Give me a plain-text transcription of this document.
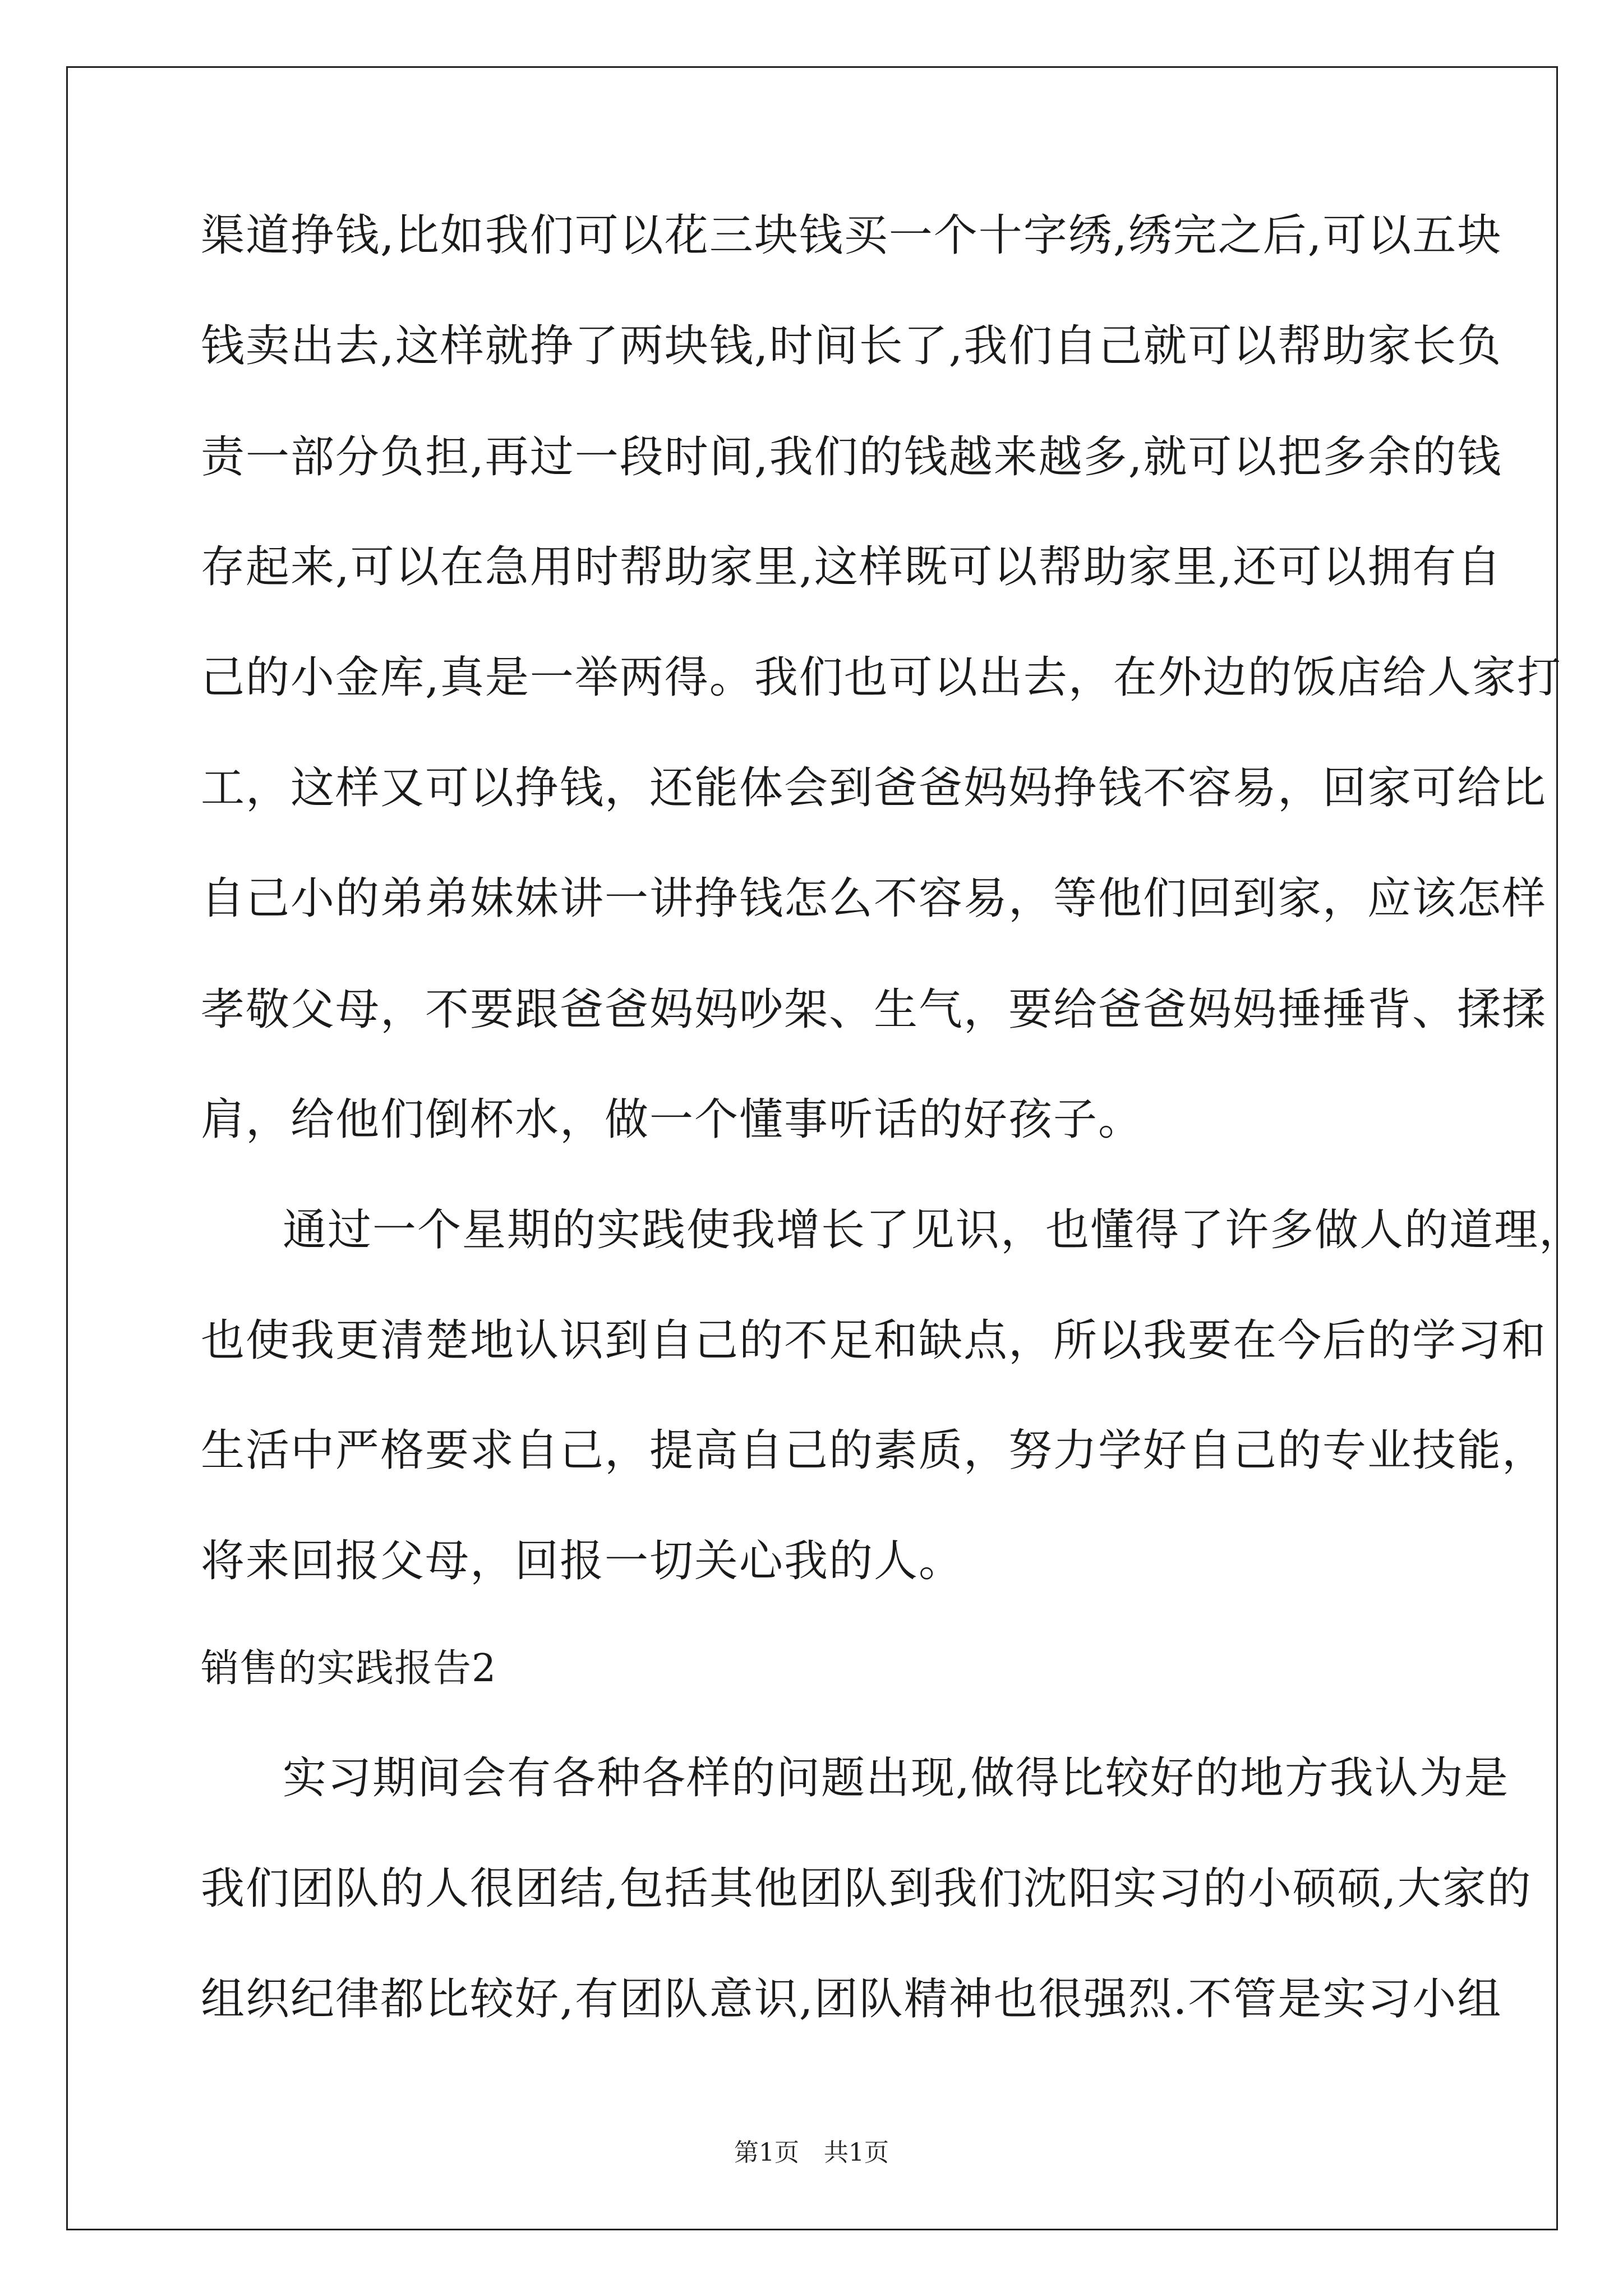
渠道挣钱,比如我们可以花三块钱买一个十字绣,绣完之后,可以五块
钱卖出去,这样就挣了两块钱,时间长了,我们自己就可以帮助家长负
责一部分负担,再过一段时间,我们的钱越来越多,就可以把多余的钱
存起来,可以在急用时帮助家里,这样既可以帮助家里,还可以拥有自
己的小金库,真是一举两得。我们也可以出去，在外边的饭店给人家打
工，这样又可以挣钱，还能体会到爸爸妈妈挣钱不容易，回家可给比
自己小的弟弟妹妹讲一讲挣钱怎么不容易，等他们回到家，应该怎样
孝敬父母，不要跟爸爸妈妈吵架、生气，要给爸爸妈妈捶捶背、揉揉
肩，给他们倒杯水，做一个懂事听话的好孩子。
通过一个星期的实践使我增长了见识，也懂得了许多做人的道理，
也使我更清楚地认识到自己的不足和缺点，所以我要在今后的学习和
生活中严格要求自己，提高自己的素质，努力学好自己的专业技能，
将来回报父母，回报一切关心我的人。
销售的实践报告2
实习期间会有各种各样的问题出现,做得比较好的地方我认为是
我们团队的人很团结,包括其他团队到我们沈阳实习的小硕硕,大家的
组织纪律都比较好,有团队意识,团队精神也很强烈.不管是实习小组
第1页　共1页
